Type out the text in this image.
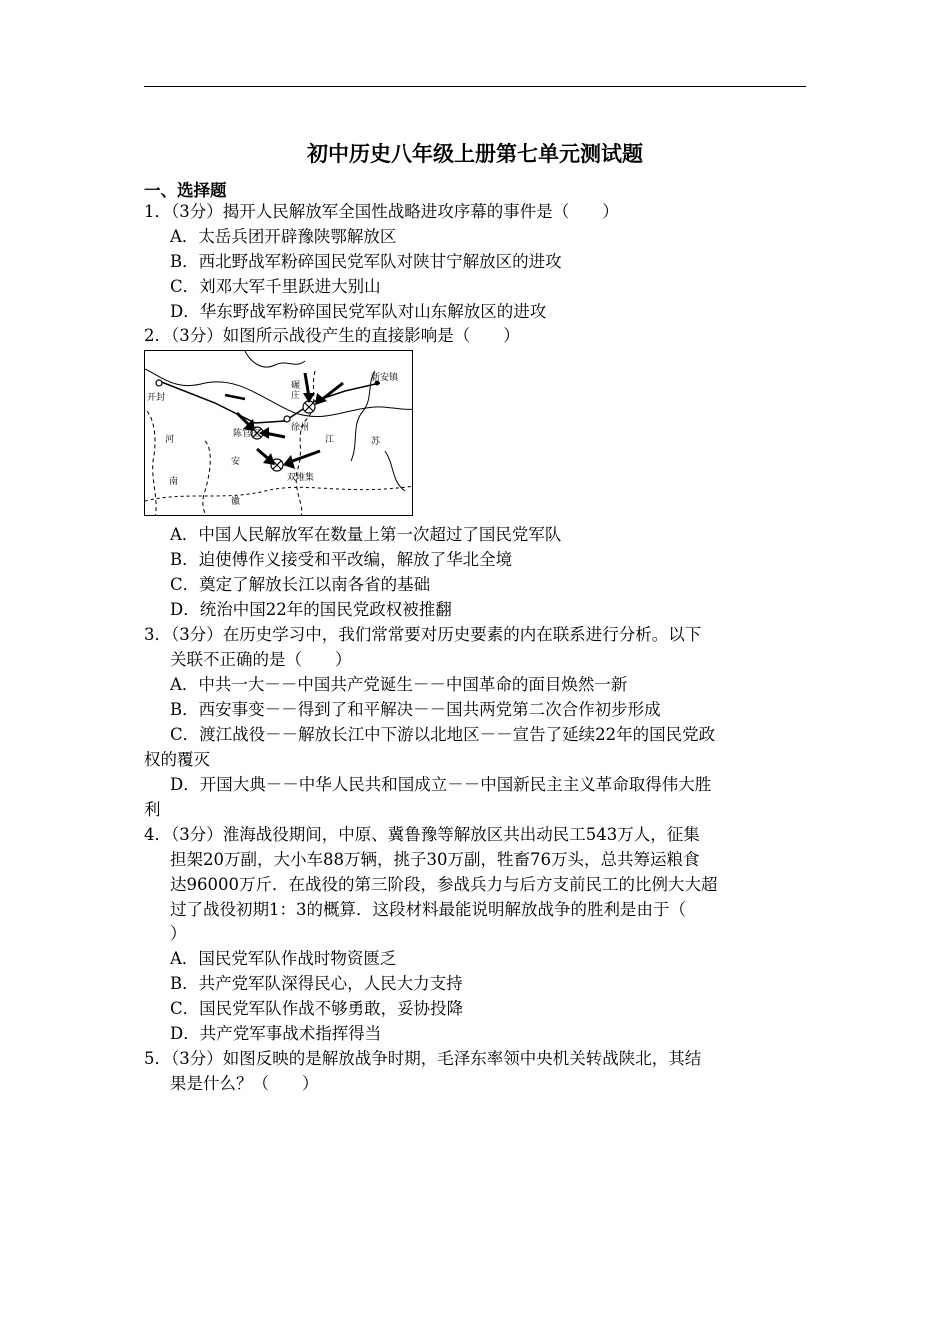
初中历史八年级上册第七单元测试题
一、选择题
1．（3分）揭开人民解放军全国性战略进攻序幕的事件是（　　）
A．太岳兵团开辟豫陕鄂解放区
B．西北野战军粉碎国民党军队对陕甘宁解放区的进攻
C．刘邓大军千里跃进大别山
D．华东野战军粉碎国民党军队对山东解放区的进攻
2．（3分）如图所示战役产生的直接影响是（　　）
开封
碾庄
新安镇
徐州
陈官庄
双堆集
河
南
安
江	苏
徽
A．中国人民解放军在数量上第一次超过了国民党军队
B．迫使傅作义接受和平改编，解放了华北全境
C．奠定了解放长江以南各省的基础
D．统治中国22年的国民党政权被推翻
3．（3分）在历史学习中，我们常常要对历史要素的内在联系进行分析。以下
关联不正确的是（　　）
A．中共一大－－中国共产党诞生－－中国革命的面目焕然一新
B．西安事变－－得到了和平解决－－国共两党第二次合作初步形成
C．渡江战役－－解放长江中下游以北地区－－宣告了延续22年的国民党政
权的覆灭
D．开国大典－－中华人民共和国成立－－中国新民主主义革命取得伟大胜
利
4．（3分）淮海战役期间，中原、冀鲁豫等解放区共出动民工543万人，征集
担架20万副，大小车88万辆，挑子30万副，牲畜76万头，总共筹运粮食
达96000万斤．在战役的第三阶段，参战兵力与后方支前民工的比例大大超
过了战役初期1：3的概算．这段材料最能说明解放战争的胜利是由于（
）
A．国民党军队作战时物资匮乏
B．共产党军队深得民心，人民大力支持
C．国民党军队作战不够勇敢，妥协投降
D．共产党军事战术指挥得当
5．（3分）如图反映的是解放战争时期，毛泽东率领中央机关转战陕北，其结
果是什么？（　　）
